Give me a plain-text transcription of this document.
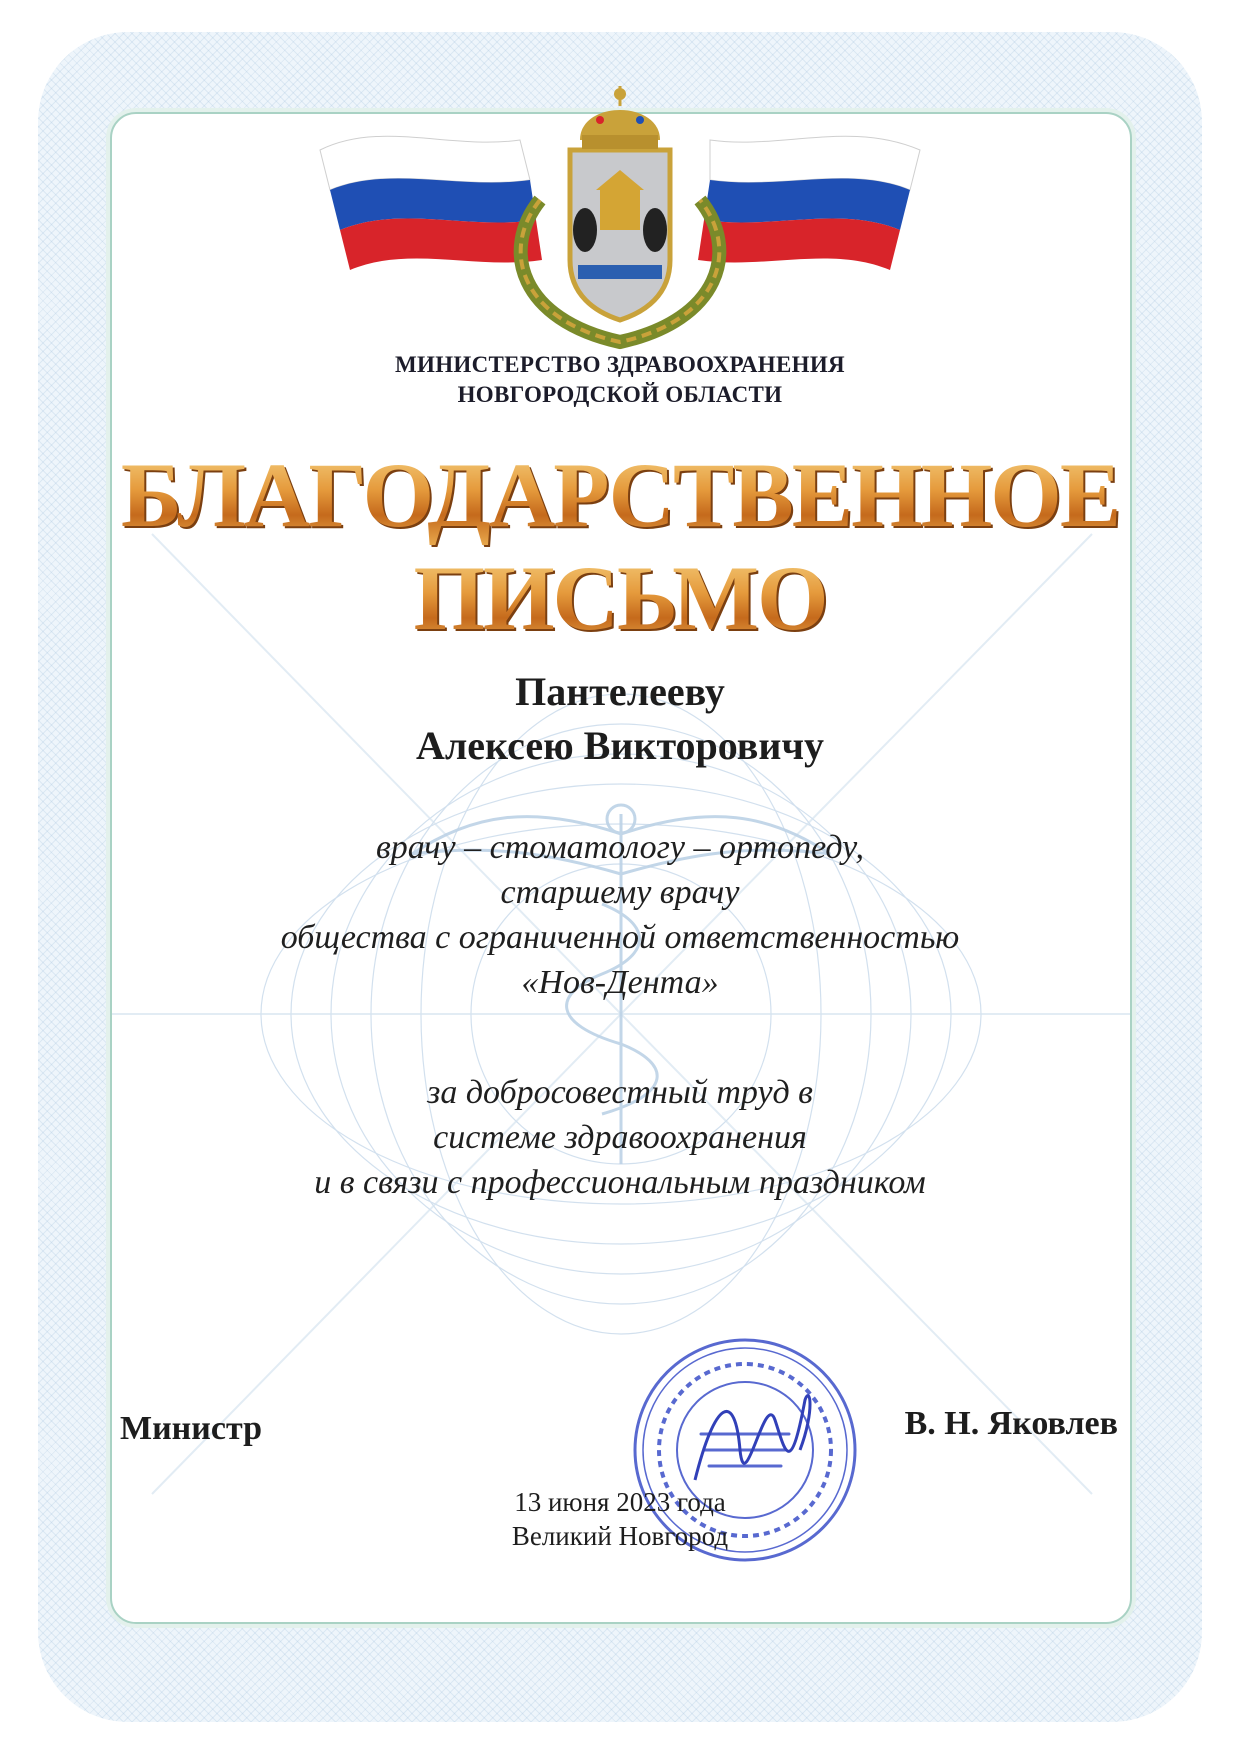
МИНИСТЕРСТВО ЗДРАВООХРАНЕНИЯ
НОВГОРОДСКОЙ ОБЛАСТИ
БЛАГОДАРСТВЕННОЕ
ПИСЬМО
Пантелееву
Алексею Викторовичу
врачу – стоматологу – ортопеду,
старшему врачу
общества с ограниченной ответственностью
«Нов-Дента»
за добросовестный труд в
системе здравоохранения
и в связи с профессиональным праздником
Министр	В. Н. Яковлев
13 июня 2023 года
Великий Новгород
